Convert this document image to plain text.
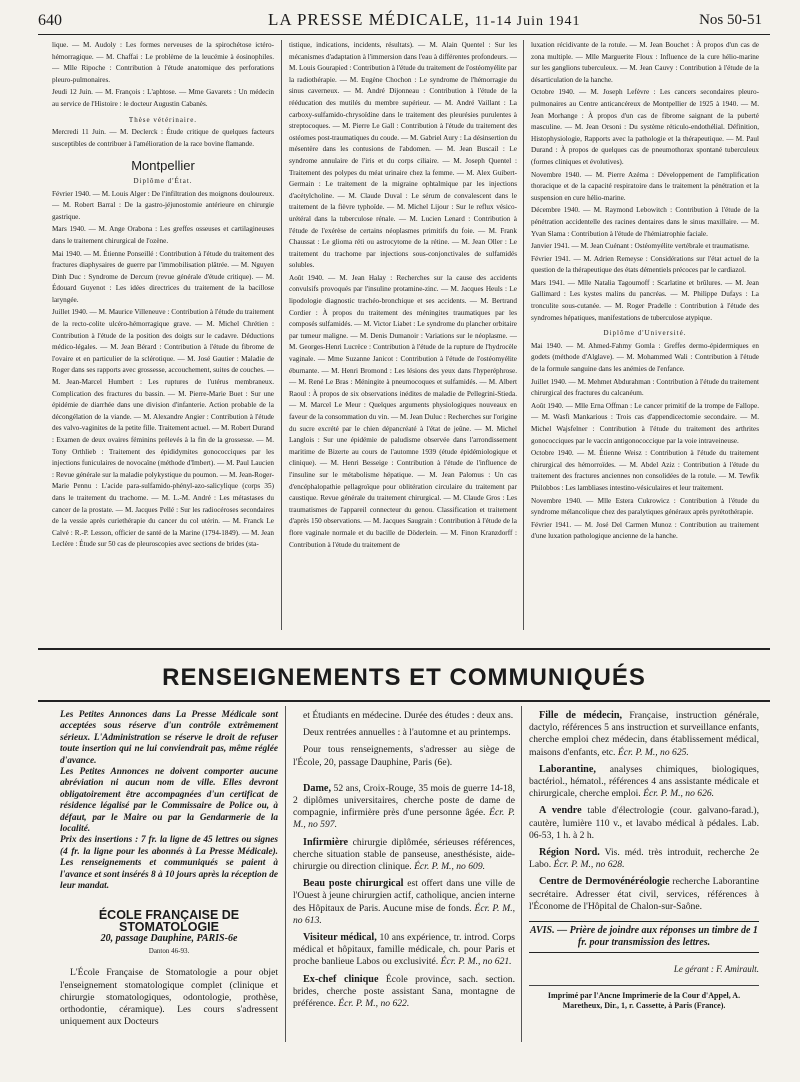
640	LA PRESSE MÉDICALE, 11-14 Juin 1941	Nos 50-51

lique. — M. Audoly : Les formes nerveuses de la spirochétose ictéro-hémorragique. — M. Chaffai : Le problème de la leucémie à éosinophiles. — Mlle Ripoche : Contribution à l'étude anatomique des perforations pleuro-pulmonaires.

Jeudi 12 Juin. — M. François : L'aphtose. — Mme Gavarets : Un médecin au service de l'Histoire : le docteur Augustin Cabanès.

Thèse vétérinaire.

Mercredi 11 Juin. — M. Declerck : Étude critique de quelques facteurs susceptibles de contribuer à l'amélioration de la race bovine flamande.

Montpellier

Diplôme d'État.

Février 1940. — M. Louis Alger : De l'infiltration des moignons douloureux. — M. Robert Barral : De la gastro-jéjunostomie antérieure en chirurgie gastrique.

Mars 1940. — M. Ange Orabona : Les greffes osseuses et cartilagineuses dans le traitement chirurgical de l'ozène.

Mai 1940. — M. Étienne Ponseillé : Contribution à l'étude du traitement des fractures diaphysaires de guerre par l'immobilisation plâtrée. — M. Nguyen Dinh Duc : Syndrome de Dercum (revue générale d'étude critique). — M. Édouard Guyenot : Les idées directrices du traitement de la bacillose laryngée.

Juillet 1940. — M. Maurice Villeneuve : Contribution à l'étude du traitement de la recto-colite ulcéro-hémorragique grave. — M. Michel Chrétien : Contribution à l'étude de la position des doigts sur le cadavre. Déductions médico-légales. — M. Jean Bérard : Contribution à l'étude du fibrome de l'ovaire et en particulier de la sclérotique. — M. José Gautier : Maladie de Roger dans ses rapports avec grossesse, accouchement, suites de couches. — M. Jean-Marcel Humbert : Les ruptures de l'utérus membraneux. Complication des fractures du bassin. — M. Pierre-Marie Buet : Sur une épidémie de diarrhée dans une division d'infanterie. Action probable de la décongélation de la viande. — M. Alexandre Angier : Contribution à l'étude des valvo-vaginites de la petite fille. Traitement actuel. — M. Robert Durand : Examen de deux ovaires féminins prélevés à la fin de la grossesse. — M. Tony Orthlieb : Traitement des épididymites gonococciques par les injections funiculaires de novocaïne (méthode d'Imbert). — M. Paul Laucien : Revue générale sur la maladie polykystique du poumon. — M. Jean-Roger-Marie Pennu : L'acide para-sulfamido-phényl-azo-salicylique (corps 35) dans le traitement du trachome. — M. L.-M. André : Les métastases du cancer de la prostate. — M. Jacques Pellé : Sur les radiocéroses secondaires de la vessie après curiethérapie du cancer du col utérin. — M. Franck Le Calvé : R.-P. Lesson, officier de santé de la Marine (1794-1849). — M. Jean Leclère : Étude sur 50 cas de pleuroscopies avec sections de brides (sta-

tistique, indications, incidents, résultats). — M. Alain Quentel : Sur les mécanismes d'adaptation à l'immersion dans l'eau à différentes profondeurs. — M. Louis Gourapied : Contribution à l'étude du traitement de l'ostéomyélite par la radiothérapie. — M. Eugène Chochon : Le syndrome de l'hémorragie du sinus caverneux. — M. André Dijonneau : Contribution à l'étude de la rééducation des mutilés du membre supérieur. — M. André Vaillant : La carboxy-sulfamido-chrysoïdine dans le traitement des pleurésies purulentes à streptocoques. — M. Pierre Le Gall : Contribution à l'étude du traitement des ostéomes post-traumatiques du coude. — M. Gabriel Aury : La désinsertion du mésentère dans les contusions de l'abdomen. — M. Jean Buscail : Le syndrome annulaire de l'iris et du corps ciliaire. — M. Joseph Quentel : Traitement des polypes du méat urinaire chez la femme. — M. Alex Guibert-Germain : Le traitement de la migraine ophtalmique par les injections d'acétylcholine. — M. Claude Duval : Le sérum de convalescent dans le traitement de la fièvre typhoïde. — M. Michel Lijour : Sur le reflux vésico-urétéral dans la tuberculose rénale. — M. Lucien Lenard : Contribution à l'étude de l'exérèse de certains néoplasmes primitifs du foie. — M. Frank Chaussat : Le glioma réti ou astrocytome de la rétine. — M. Jean Oller : Le traitement du trachome par injections sous-conjonctivales de sulfamidés solubles.

Août 1940. — M. Jean Halay : Recherches sur la cause des accidents convulsifs provoqués par l'insuline protamine-zinc. — M. Jacques Heuls : Le lipodologie diagnostic trachéo-bronchique et ses accidents. — M. Bertrand Cordier : À propos du traitement des méningites traumatiques par les composés sulfamidés. — M. Victor Liabet : Le syndrome du plancher orbitaire par tumeur maligne. — M. Denis Dumanoir : Variations sur le néoplasme. — M. Georges-Henri Lucrèce : Contribution à l'étude de la rupture de l'hydrocèle vaginale. — Mme Suzanne Janicot : Contribution à l'étude de l'ostéomyélite éburnante. — M. Henri Bromond : Les lésions des yeux dans l'hyperéphrose. — M. René Le Bras : Méningite à pneumocoques et sulfamidés. — M. Albert Raoul : À propos de six observations inédites de maladie de Pellegrini-Stieda. — M. Marcel Le Meur : Quelques arguments physiologiques nouveaux en faveur de la consommation du vin. — M. Jean Duluc : Recherches sur l'origine du sucre excrété par le chien dépancréaté à l'état de jeûne. — M. Michel Langlois : Sur une épidémie de paludisme observée dans l'arrondissement maritime de Bizerte au cours de l'automne 1939 (étude épidémiologique et clinique). — M. Henri Besseige : Contribution à l'étude de l'influence de l'insuline sur le métabolisme hépatique. — M. Jean Palomus : Un cas d'encéphalopathie pellagroïque pour oblitération circulaire du traitement par caustique. Revue générale du traitement chirurgical. — M. Claude Gros : Les traumatismes de l'appareil connecteur du genou. Classification et traitement d'après 150 observations. — M. Jacques Saugrain : Contribution à l'étude de la flore vaginale normale et du bacille de Döderlein. — M. Finon Kranzdorff : Contribution à l'étude du traitement de

luxation récidivante de la rotule. — M. Jean Bouchet : À propos d'un cas de zona multiple. — Mlle Marguerite Floux : Influence de la cure hélio-marine sur les ganglions tuberculeux. — M. Jean Cauvy : Contribution à l'étude de la désarticulation de la hanche.

Octobre 1940. — M. Joseph Lefèvre : Les cancers secondaires pleuro-pulmonaires au Centre anticancéreux de Montpellier de 1925 à 1940. — M. Jean Morhange : À propos d'un cas de fibrome saignant de la puberté masculine. — M. Jean Orsoni : Du système réticulo-endothélial. Définition, Histophysiologie, Rapports avec la pathologie et la thérapeutique. — M. Paul Durand : À propos de quelques cas de pneumothorax spontané tuberculeux (formes cliniques et évolutives).

Novembre 1940. — M. Pierre Azéma : Développement de l'amplification thoracique et de la capacité respiratoire dans le traitement la pénétration et la suspension en cure hélio-marine.

Décembre 1940. — M. Raymond Lebowitch : Contribution à l'étude de la pénétration accidentelle des racines dentaires dans le sinus maxillaire. — M. Yvan Slama : Contribution à l'étude de l'hémiatrophie faciale.

Janvier 1941. — M. Jean Cuénant : Ostéomyélite vertébrale et traumatisme.

Février 1941. — M. Adrien Remeyse : Considérations sur l'état actuel de la question de la thérapeutique des états démentiels précoces par le cardiazol.

Mars 1941. — Mlle Natalia Tagoumoff : Scarlatine et brûlures. — M. Jean Gallimard : Les kystes malins du pancréas. — M. Philippe Dufays : La tronculite sous-cutanée. — M. Roger Pradelle : Contribution à l'étude des syndromes hépatiques, manifestations de tuberculose atypique.

Diplôme d'Université.

Mai 1940. — M. Ahmed-Fahmy Gomla : Greffes dermo-épidermiques en godets (méthode d'Alglave). — M. Mohammed Wali : Contribution à l'étude de la formule sanguine dans les anémies de l'enfance.

Juillet 1940. — M. Mehmet Abdurahman : Contribution à l'étude du traitement chirurgical des fractures du calcanéum.

Août 1940. — Mlle Erna Offman : Le cancer primitif de la trompe de Fallope. — M. Wasfi Mankarious : Trois cas d'appendicectomie secondaire. — M. Michel Wajsfelner : Contribution à l'étude du traitement des arthrites gonococciques par le vaccin antigonococcique par la voie intraveineuse.

Octobre 1940. — M. Étienne Weisz : Contribution à l'étude du traitement chirurgical des hémorroïdes. — M. Abdel Aziz : Contribution à l'étude du traitement des fractures anciennes non consolidées de la rotule. — M. Tewfik Philobbos : Les lambliases intestino-vésiculaires et leur traitement.

Novembre 1940. — Mlle Estera Cukrowicz : Contribution à l'étude du syndrome mélancolique chez des paralytiques généraux après pyrétothérapie.

Février 1941. — M. José Del Carmen Munoz : Contribution au traitement d'une luxation pathologique ancienne de la hanche.

RENSEIGNEMENTS ET COMMUNIQUÉS

Les Petites Annonces dans La Presse Médicale sont acceptées sous réserve d'un contrôle extrêmement sérieux. L'Administration se réserve le droit de refuser toute insertion qui ne lui conviendrait pas, même réglée d'avance.

Les Petites Annonces ne doivent comporter aucune abréviation ni aucun nom de ville. Elles devront obligatoirement être accompagnées d'un certificat de résidence légalisé par le Commissaire de Police ou, à défaut, par le Maire ou par la Gendarmerie de la localité.

Prix des insertions : 7 fr. la ligne de 45 lettres ou signes (4 fr. la ligne pour les abonnés à La Presse Médicale). Les renseignements et communiqués se paient à l'avance et sont insérés 8 à 10 jours après la réception de leur mandat.

ÉCOLE FRANÇAISE DE STOMATOLOGIE
20, passage Dauphine, PARIS-6e
Danton 46-93.

L'École Française de Stomatologie a pour objet l'enseignement stomatologique complet (clinique et chirurgie stomatologiques, odontologie, prothèse, orthodontie, céramique). Les cours s'adressent uniquement aux Docteurs

et Étudiants en médecine. Durée des études : deux ans.

Deux rentrées annuelles : à l'automne et au printemps.

Pour tous renseignements, s'adresser au siège de l'École, 20, passage Dauphine, Paris (6e).

Dame, 52 ans, Croix-Rouge, 35 mois de guerre 14-18, 2 diplômes universitaires, cherche poste de dame de compagnie, infirmière près d'une personne âgée. Écr. P. M., no 597.

Infirmière chirurgie diplômée, sérieuses références, cherche situation stable de panseuse, anesthésiste, aide-chirurgie ou direction clinique. Écr. P. M., no 609.

Beau poste chirurgical est offert dans une ville de l'Ouest à jeune chirurgien actif, catholique, ancien interne des Hôpitaux de Paris. Aucune mise de fonds. Écr. P. M., no 613.

Visiteur médical, 10 ans expérience, tr. introd. Corps médical et hôpitaux, famille médicale, ch. pour Paris et proche banlieue Labos ou exclusivité. Écr. P. M., no 621.

Ex-chef clinique École province, sach. section. brides, cherche poste assistant Sana, montagne de préférence. Écr. P. M., no 622.

Fille de médecin, Française, instruction générale, dactylo, références 5 ans instruction et surveillance enfants, cherche emploi chez médecin, dans établissement médical, maisons d'enfants, etc. Écr. P. M., no 625.

Laborantine, analyses chimiques, biologiques, bactériol., hématol., références 4 ans assistante médicale et chirurgicale, cherche emploi. Écr. P. M., no 626.

A vendre table d'électrologie (cour. galvano-farad.), cautère, lumière 110 v., et lavabo médical à pédales. Lab. 06-53, 1 h. à 2 h.

Région Nord. Vis. méd. très introduit, recherche 2e Labo. Écr. P. M., no 628.

Centre de Dermovénéréologie recherche Laborantine secrétaire. Adresser état civil, services, références à l'Économe de l'Hôpital de Chalon-sur-Saône.

AVIS. — Prière de joindre aux réponses un timbre de 1 fr. pour transmission des lettres.
Le gérant : F. Amirault.
Imprimé par l'Ancne Imprimerie de la Cour d'Appel, A. Maretheux, Dir., 1, r. Cassette, à Paris (France).
